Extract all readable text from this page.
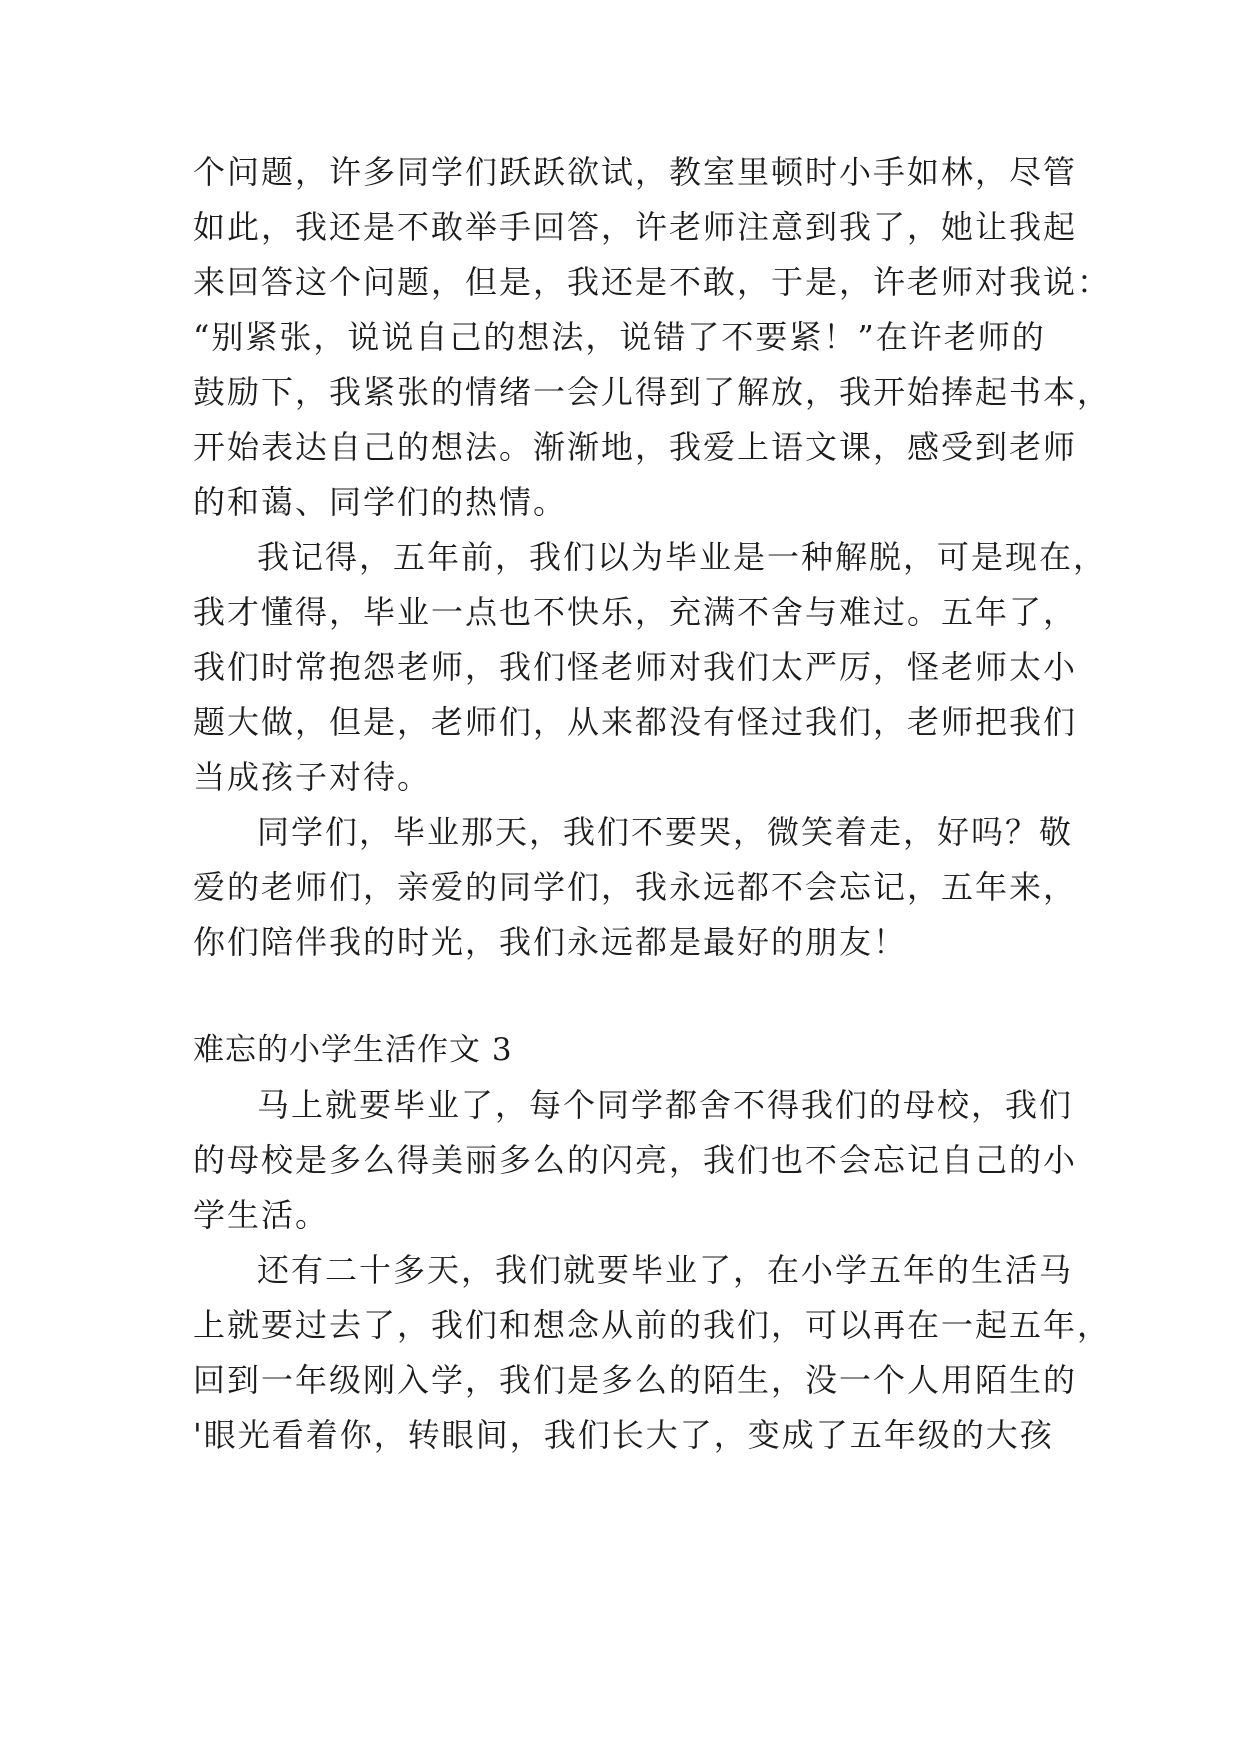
个问题，许多同学们跃跃欲试，教室里顿时小手如林，尽管
如此，我还是不敢举手回答，许老师注意到我了，她让我起
来回答这个问题，但是，我还是不敢，于是，许老师对我说：
“别紧张，说说自己的想法，说错了不要紧！”在许老师的
鼓励下，我紧张的情绪一会儿得到了解放，我开始捧起书本，
开始表达自己的想法。渐渐地，我爱上语文课，感受到老师
的和蔼、同学们的热情。
我记得，五年前，我们以为毕业是一种解脱，可是现在，
我才懂得，毕业一点也不快乐，充满不舍与难过。五年了，
我们时常抱怨老师，我们怪老师对我们太严厉，怪老师太小
题大做，但是，老师们，从来都没有怪过我们，老师把我们
当成孩子对待。
同学们，毕业那天，我们不要哭，微笑着走，好吗？敬
爱的老师们，亲爱的同学们，我永远都不会忘记，五年来，
你们陪伴我的时光，我们永远都是最好的朋友！
难忘的小学生活作文 3
马上就要毕业了，每个同学都舍不得我们的母校，我们
的母校是多么得美丽多么的闪亮，我们也不会忘记自己的小
学生活。
还有二十多天，我们就要毕业了，在小学五年的生活马
上就要过去了，我们和想念从前的我们，可以再在一起五年，
回到一年级刚入学，我们是多么的陌生，没一个人用陌生的
'眼光看着你，转眼间，我们长大了，变成了五年级的大孩
